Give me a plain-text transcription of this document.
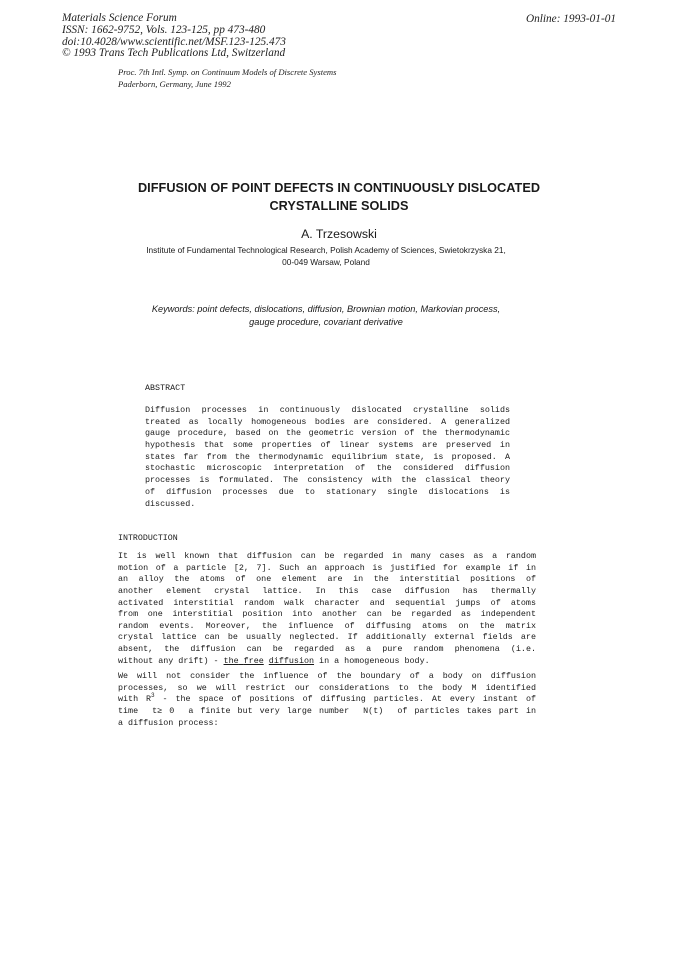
Materials Science Forum
ISSN: 1662-9752, Vols. 123-125, pp 473-480
doi:10.4028/www.scientific.net/MSF.123-125.473
© 1993 Trans Tech Publications Ltd, Switzerland
Online: 1993-01-01
Proc. 7th Intl. Symp. on Continuum Models of Discrete Systems
Paderborn, Germany, June 1992
DIFFUSION OF POINT DEFECTS IN CONTINUOUSLY DISLOCATED
CRYSTALLINE SOLIDS
A. Trzesowski
Institute of Fundamental Technological Research, Polish Academy of Sciences, Swietokrzyska 21,
00-049 Warsaw, Poland
Keywords: point defects, dislocations, diffusion, Brownian motion, Markovian process,
gauge procedure, covariant derivative
ABSTRACT
Diffusion processes in continuously dislocated crystalline solids
treated as locally homogeneous bodies are considered. A generalized
gauge procedure, based on the geometric version of the thermodynamic
hypothesis that some properties of linear systems are preserved in
states far from the thermodynamic equilibrium state, is proposed. A
stochastic microscopic interpretation of the considered diffusion
processes is formulated. The consistency with the classical theory
of diffusion processes due to stationary single dislocations is
discussed.
INTRODUCTION
It is well known that diffusion can be regarded in many cases as a random
motion of a particle [2, 7]. Such an approach is justified for example if in
an alloy the atoms of one element are in the interstitial positions of
another element crystal lattice. In this case diffusion has thermally
activated interstitial random walk character and sequential jumps of atoms
from one interstitial position into another can be regarded as independent
random events. Moreover, the influence of diffusing atoms on the matrix
crystal lattice can be usually neglected. If additionally external fields are
absent, the diffusion can be regarded as a pure random phenomena (i.e.
without any drift) - the free diffusion in a homogeneous body.
We will not consider the influence of the boundary of a body on diffusion
processes, so we will restrict our considerations to the body M identified
with $R^3$ - the space of positions of diffusing particles. At every instant of
time  t≥ 0  a finite but very large number  N(t)  of particles takes part in
a diffusion process:
